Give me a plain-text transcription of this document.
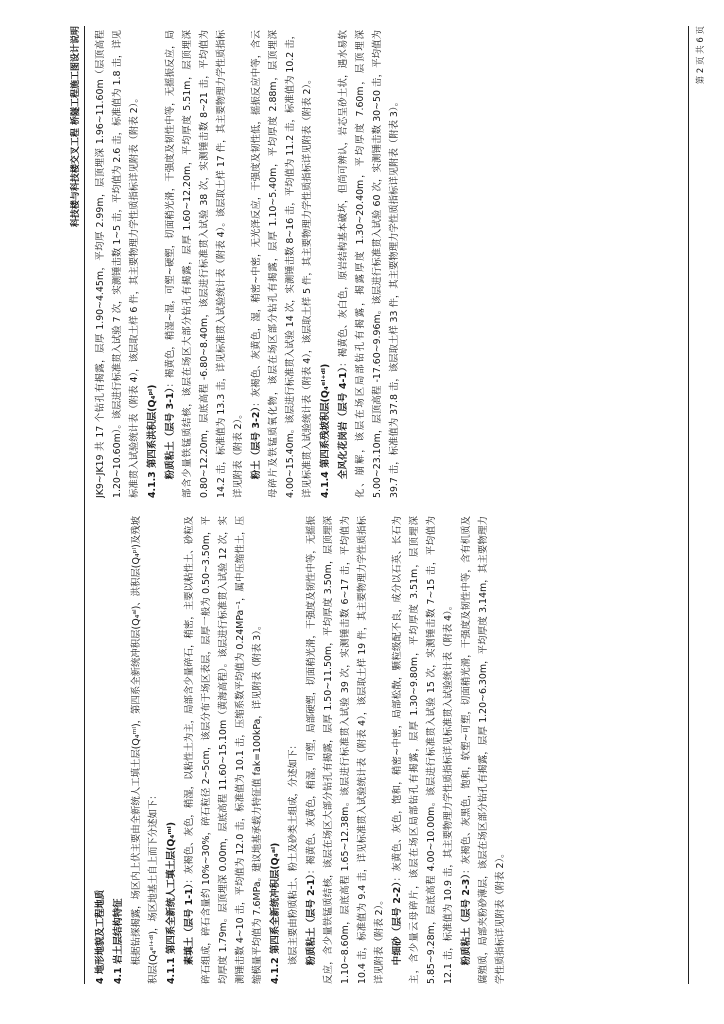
科技楼与科技楼交叉工程 桥隧工程施工图设计说明

4 地形地貌及工程地质 4.1 岩土层结构特征 根据钻探揭露，场区内上伏主要由全新统人工填土层(Q₄ᵐˡ)，第四系全新统冲积层(Q₄ᵃˡ)、洪积层(Q₄ᵖˡ)及残坡积层(Q₄ᵉˡ⁺ᵈˡ)，场区地基土自上而下分述如下： 4.1.1 第四系全新统人工填土层(Q₄ᵐˡ) 素填土（层号 1-1）：灰褐色、灰色，稍湿，以粘性土为主，局部含少量碎石，稍密，主要以粘性土、砂粒及碎石组成，碎石含量约 10%~30%，碎石粒径 2~5cm，该层分布于场区表层，层厚一般为 0.50~3.50m，平均厚度 1.79m。层顶埋深 0.00m，层底高程 11.60~15.10m（黄海高程）。该层进行标准贯入试验 12 次，实测锤击数 4~10 击，平均值为 12.0 击，标准值为 10.1 击，压缩系数平均值为 0.24MPa⁻¹，属中压缩性土，压缩模量平均值为 7.6MPa。建议地基承载力特征值 fak=100kPa，详见附表（附表 3）。 4.1.2 第四系全新统冲积层(Q₄ᵃˡ) 该层主要由粉质粘土、粉土及砂类土组成，分述如下： 粉质粘土（层号 2-1）：褐黄色、灰黄色，稍湿，可塑，局部硬塑，切面稍光滑，干强度及韧性中等，无摇振反应，含少量铁锰质结核，该层在场区大部分钻孔有揭露，层厚 1.50~11.50m，平均厚度 3.50m，层顶埋深 1.10~8.60m，层底高程 1.65~12.38m。该层进行标准贯入试验 39 次，实测锤击数 6~17 击，平均值为 10.4 击，标准值为 9.4 击，详见标准贯入试验统计表（附表 4），该层取土样 19 件，其主要物理力学性质指标详见附表（附表 2）。 中细砂（层号 2-2）：灰黄色、灰色，饱和，稍密~中密，局部松散，颗粒级配不良，成分以石英、长石为主，含少量云母碎片，该层在场区局部钻孔有揭露，层厚 1.30~9.80m，平均厚度 3.51m，层顶埋深 5.85~9.28m，层底高程 4.00~10.00m。该层进行标准贯入试验 15 次，实测锤击数 7~15 击，平均值为 12.1 击，标准值为 10.9 击，其主要物理力学性质指标详见标准贯入试验统计表（附表 4）。 粉质粘土（层号 2-3）：灰褐色、灰黑色，饱和，软塑~可塑，切面稍光滑，干强度及韧性中等，含有机质及腐殖质，局部夹粉砂薄层，该层在场区部分钻孔有揭露，层厚 1.20~6.30m，平均厚度 3.14m，其主要物理力学性质指标详见附表（附表 2）。

JK9~JK19 共 17 个钻孔有揭露，层厚 1.90~4.45m，平均厚 2.99m，层顶埋深 1.96~11.60m（层顶高程 1.20~10.60m）。该层进行标准贯入试验 7 次，实测锤击数 1~5 击，平均值为 2.6 击，标准值为 1.8 击，详见标准贯入试验统计表（附表 4），该层取土样 6 件，其主要物理力学性质指标详见附表（附表 2）。 4.1.3 第四系洪积层(Q₄ᵖˡ) 粉质粘土（层号 3-1）：褐黄色，稍湿~湿，可塑~硬塑，切面稍光滑，干强度及韧性中等，无摇振反应，局部含少量铁锰质结核，该层在场区大部分钻孔有揭露，层厚 1.60~12.20m，平均厚度 5.51m，层顶埋深 0.80~12.20m，层底高程 -6.80~8.40m，该层进行标准贯入试验 38 次，实测锤击数 8~21 击，平均值为 14.2 击，标准值为 13.3 击，详见标准贯入试验统计表（附表 4）。该层取土样 17 件，其主要物理力学性质指标详见附表（附表 2）。 粉土（层号 3-2）：灰褐色、灰黄色，湿，稍密~中密，无光泽反应，干强度及韧性低，摇振反应中等，含云母碎片及铁锰质氧化物，该层在场区部分钻孔有揭露，层厚 1.10~5.40m，平均厚度 2.88m，层顶埋深 4.00~15.40m。该层进行标准贯入试验 14 次，实测锤击数 8~16 击，平均值为 11.2 击，标准值为 10.2 击，详见标准贯入试验统计表（附表 4），该层取土样 5 件，其主要物理力学性质指标详见附表（附表 2）。 4.1.4 第四系残坡积层(Q₄ᵉˡ⁺ᵈˡ) 全风化花岗岩（层号 4-1）：褐黄色、灰白色，原岩结构基本破坏，但尚可辨认，岩芯呈砂土状，遇水易软化、崩解，该层在场区局部钻孔有揭露，揭露厚度 1.30~20.40m，平均厚度 7.60m，层顶埋深 5.00~23.10m，层顶高程 -17.60~9.96m。该层进行标准贯入试验 60 次，实测锤击数 30~50 击，平均值为 39.7 击，标准值为 37.8 击，该层取土样 33 件，其主要物理力学性质指标详见附表（附表 3）。

第 2 页 共 6 页
